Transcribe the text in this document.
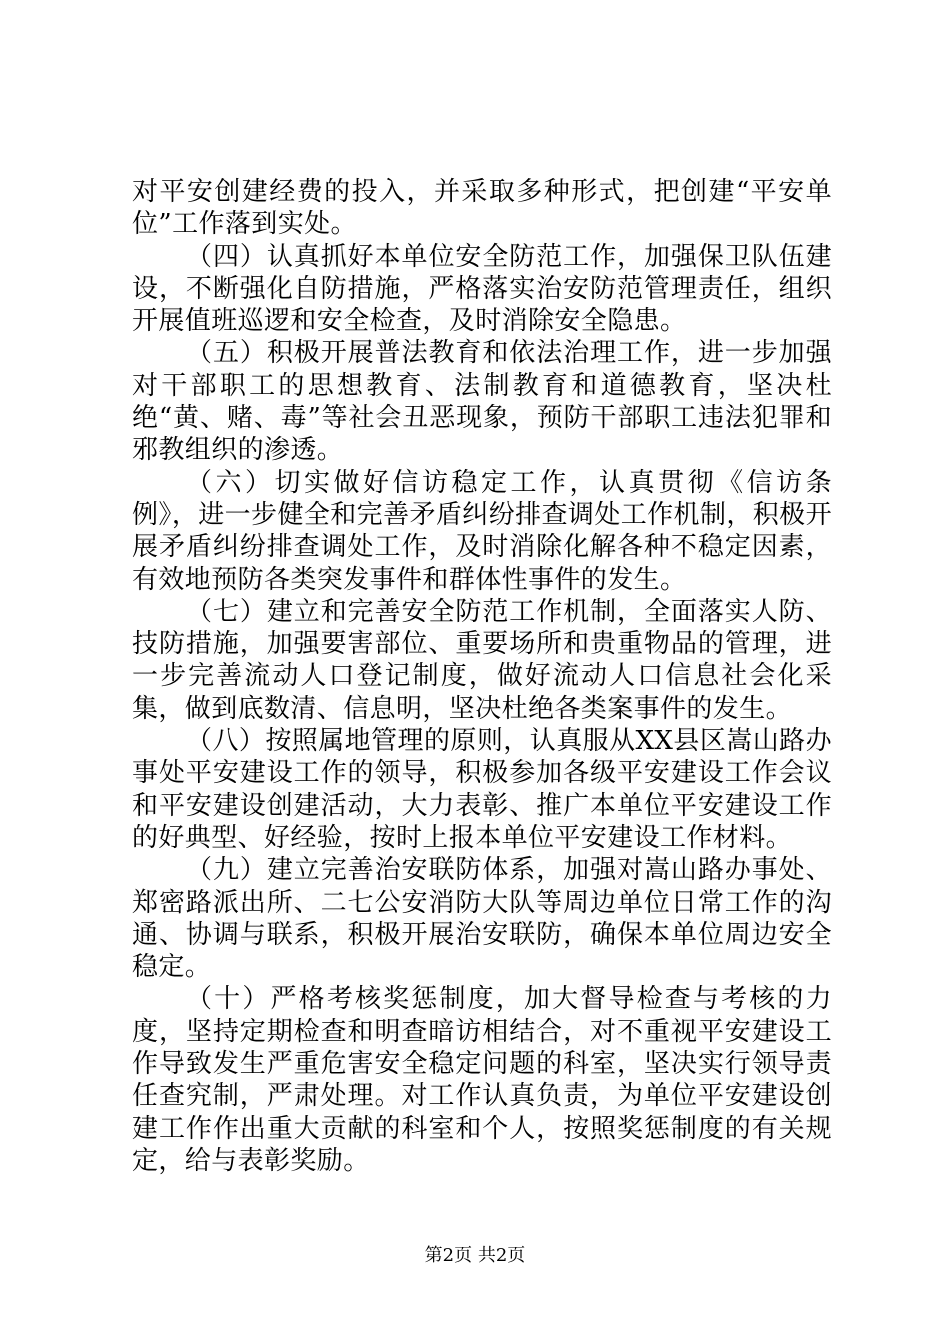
对平安创建经费的投入，并采取多种形式，把创建“平安单位”工作落到实处。

（四）认真抓好本单位安全防范工作，加强保卫队伍建设，不断强化自防措施，严格落实治安防范管理责任，组织开展值班巡逻和安全检查，及时消除安全隐患。

（五）积极开展普法教育和依法治理工作，进一步加强对干部职工的思想教育、法制教育和道德教育，坚决杜绝“黄、赌、毒”等社会丑恶现象，预防干部职工违法犯罪和邪教组织的渗透。

（六）切实做好信访稳定工作，认真贯彻《信访条例》，进一步健全和完善矛盾纠纷排查调处工作机制，积极开展矛盾纠纷排查调处工作，及时消除化解各种不稳定因素，有效地预防各类突发事件和群体性事件的发生。

（七）建立和完善安全防范工作机制，全面落实人防、技防措施，加强要害部位、重要场所和贵重物品的管理，进一步完善流动人口登记制度，做好流动人口信息社会化采集，做到底数清、信息明，坚决杜绝各类案事件的发生。

（八）按照属地管理的原则，认真服从XX县区嵩山路办事处平安建设工作的领导，积极参加各级平安建设工作会议和平安建设创建活动，大力表彰、推广本单位平安建设工作的好典型、好经验，按时上报本单位平安建设工作材料。

（九）建立完善治安联防体系，加强对嵩山路办事处、郑密路派出所、二七公安消防大队等周边单位日常工作的沟通、协调与联系，积极开展治安联防，确保本单位周边安全稳定。

（十）严格考核奖惩制度，加大督导检查与考核的力度，坚持定期检查和明查暗访相结合，对不重视平安建设工作导致发生严重危害安全稳定问题的科室，坚决实行领导责任查究制，严肃处理。对工作认真负责，为单位平安建设创建工作作出重大贡献的科室和个人，按照奖惩制度的有关规定，给与表彰奖励。

第2页 共2页
